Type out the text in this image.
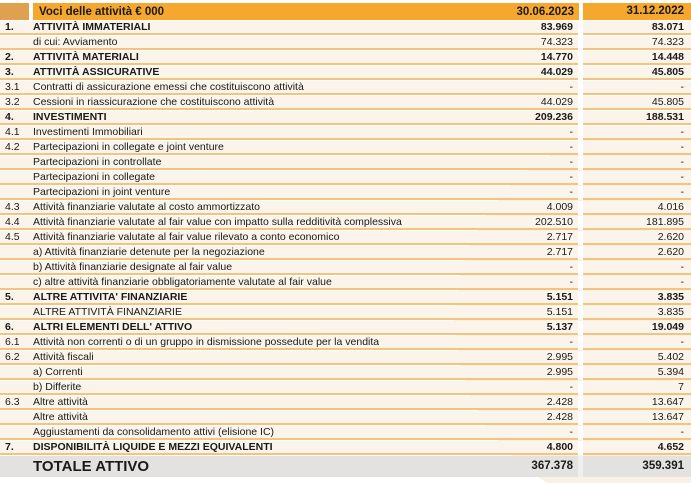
Voci delle attività € 000	30.06.2023	31.12.2022
1.	ATTIVITÀ IMMATERIALI	83.969	83.071
di cui: Avviamento	74.323	74.323
2.	ATTIVITÀ MATERIALI	14.770	14.448
3.	ATTIVITÀ ASSICURATIVE	44.029	45.805
3.1	Contratti di assicurazione emessi che costituiscono attività	-	-
3.2	Cessioni in riassicurazione che costituiscono attività	44.029	45.805
4.	INVESTIMENTI	209.236	188.531
4.1	Investimenti Immobiliari	-	-
4.2	Partecipazioni in collegate e joint venture	-	-
Partecipazioni in controllate	-	-
Partecipazioni in collegate	-	-
Partecipazioni in joint venture	-	-
4.3	Attività finanziarie valutate al costo ammortizzato	4.009	4.016
4.4	Attività finanziarie valutate al fair value con impatto sulla redditività complessiva	202.510	181.895
4.5	Attività finanziarie valutate al fair value rilevato a conto economico	2.717	2.620
a) Attività finanziarie detenute per la negoziazione	2.717	2.620
b) Attività finanziarie designate al fair value	-	-
c) altre attività finanziarie obbligatoriamente valutate al fair value	-	-
5.	ALTRE ATTIVITA' FINANZIARIE	5.151	3.835
ALTRE ATTIVITÀ FINANZIARIE	5.151	3.835
6.	ALTRI ELEMENTI DELL' ATTIVO	5.137	19.049
6.1	Attività non correnti o di un gruppo in dismissione possedute per la vendita	-	-
6.2	Attività fiscali	2.995	5.402
a) Correnti	2.995	5.394
b) Differite	-	7
6.3	Altre attività	2.428	13.647
Altre attività	2.428	13.647
Aggiustamenti da consolidamento attivi (elisione IC)	-	-
7.	DISPONIBILITÀ LIQUIDE E MEZZI EQUIVALENTI	4.800	4.652
TOTALE ATTIVO	367.378	359.391
